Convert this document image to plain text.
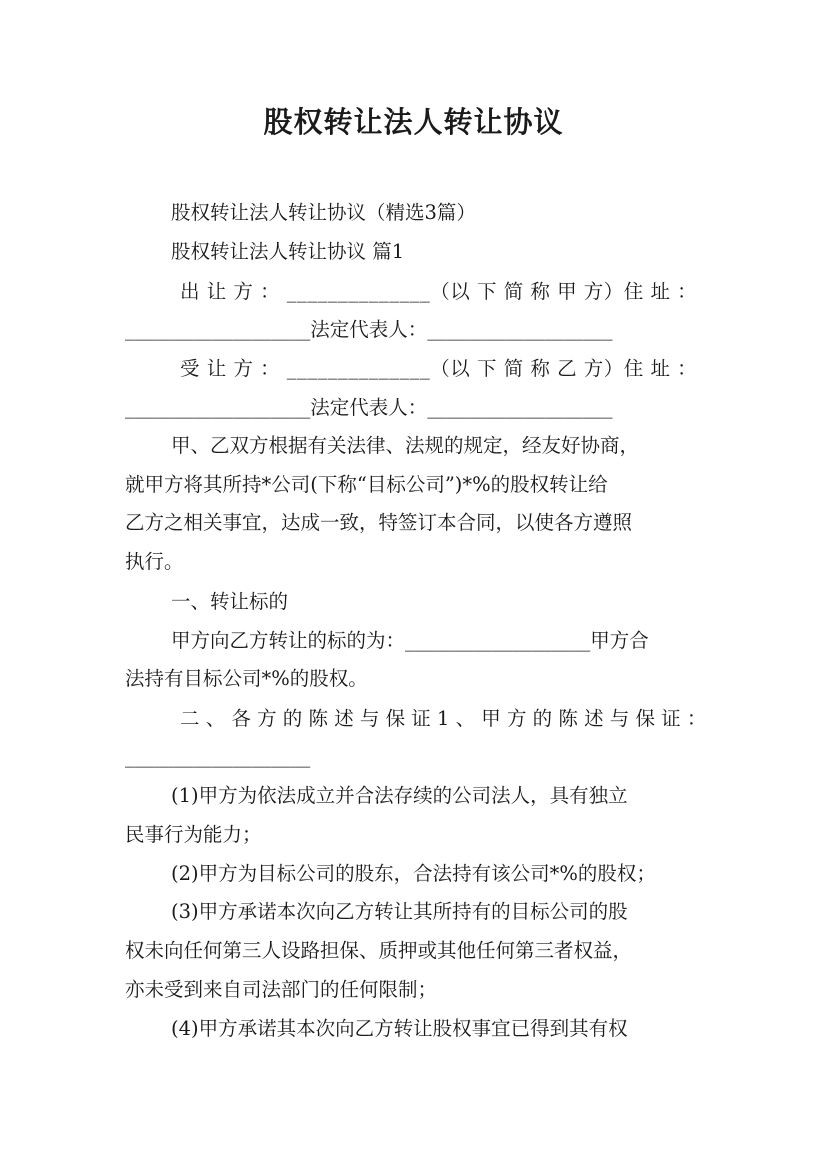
股权转让法人转让协议
股权转让法人转让协议（精选3篇）
股权转让法人转让协议 篇1
出 让 方 ： ______________（以 下 简 称 甲 方）住 址 ：
___________________法定代表人：___________________
受 让 方 ： ______________（以 下 简 称 乙 方）住 址 ：
___________________法定代表人：___________________
甲、乙双方根据有关法律、法规的规定，经友好协商，
就甲方将其所持*公司(下称“目标公司”)*%的股权转让给
乙方之相关事宜，达成一致，特签订本合同，以使各方遵照
执行。
一、转让标的
甲方向乙方转让的标的为：___________________甲方合
法持有目标公司*%的股权。
二 、 各 方 的 陈 述 与 保 证 1 、 甲 方 的 陈 述 与 保 证 ：
___________________
(1)甲方为依法成立并合法存续的公司法人，具有独立
民事行为能力；
(2)甲方为目标公司的股东，合法持有该公司*%的股权；
(3)甲方承诺本次向乙方转让其所持有的目标公司的股
权未向任何第三人设路担保、质押或其他任何第三者权益，
亦未受到来自司法部门的任何限制；
(4)甲方承诺其本次向乙方转让股权事宜已得到其有权
